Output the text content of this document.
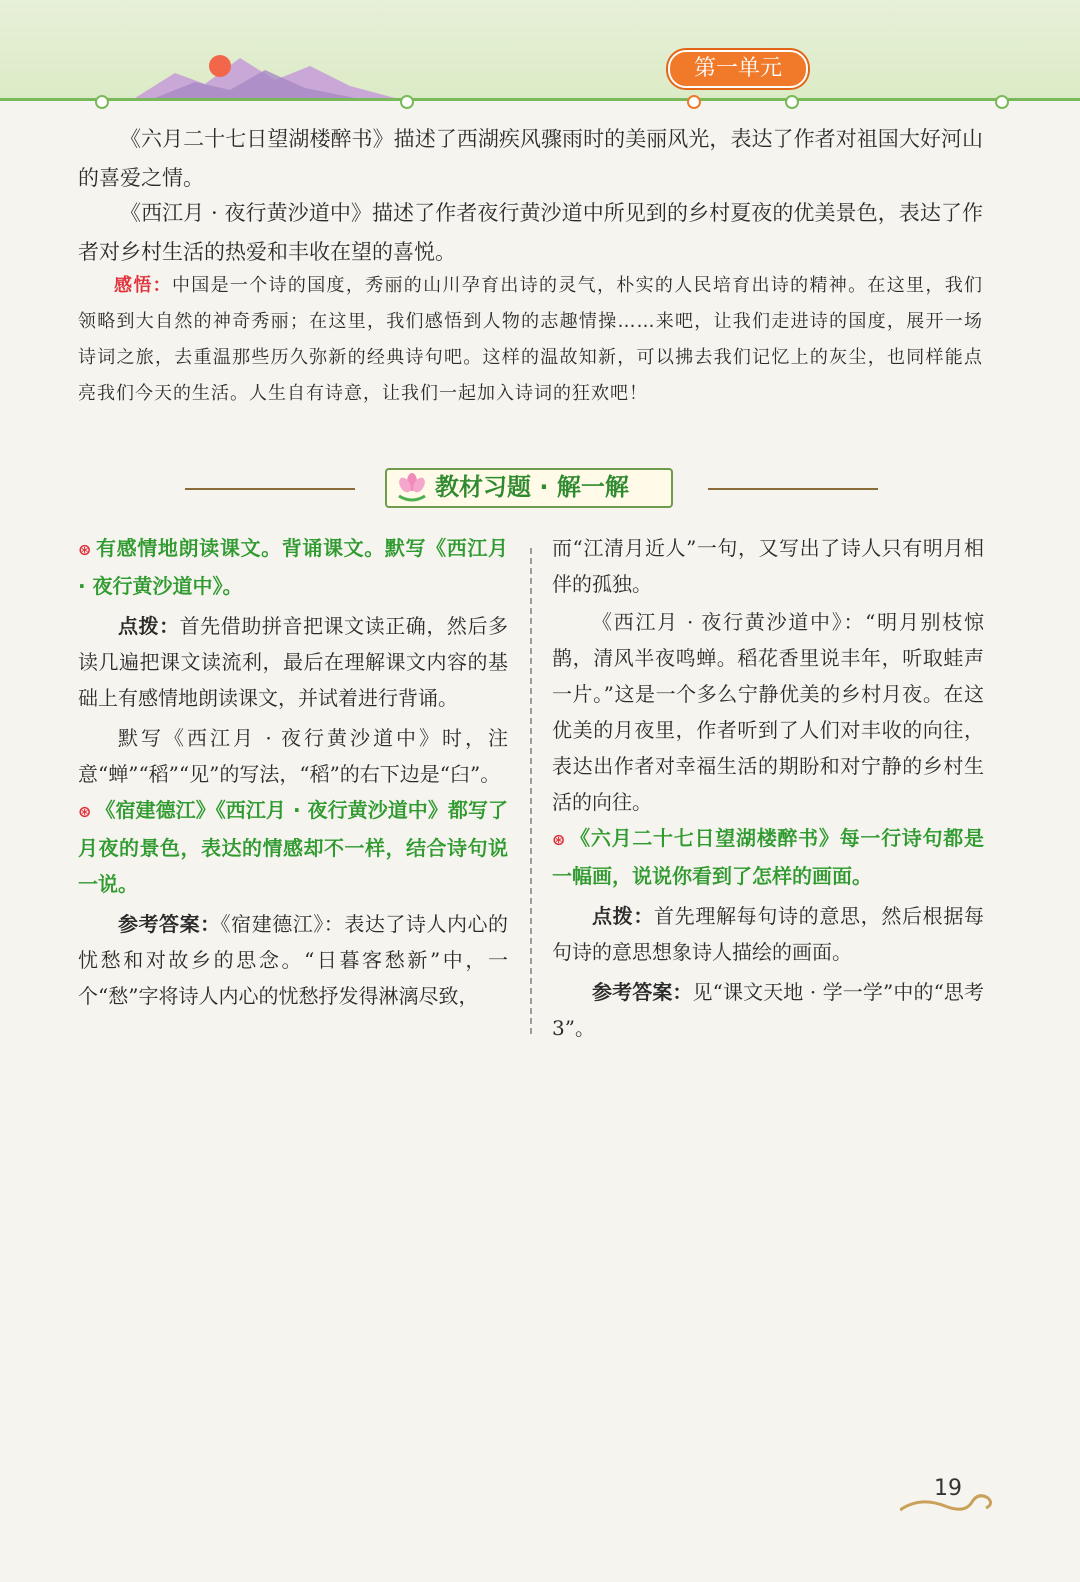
第一单元

《六月二十七日望湖楼醉书》描述了西湖疾风骤雨时的美丽风光，表达了作者对祖国大好河山的喜爱之情。

《西江月 · 夜行黄沙道中》描述了作者夜行黄沙道中所见到的乡村夏夜的优美景色，表达了作者对乡村生活的热爱和丰收在望的喜悦。

感悟：中国是一个诗的国度，秀丽的山川孕育出诗的灵气，朴实的人民培育出诗的精神。在这里，我们领略到大自然的神奇秀丽；在这里，我们感悟到人物的志趣情操……来吧，让我们走进诗的国度，展开一场诗词之旅，去重温那些历久弥新的经典诗句吧。这样的温故知新，可以拂去我们记忆上的灰尘，也同样能点亮我们今天的生活。人生自有诗意，让我们一起加入诗词的狂欢吧！

教材习题 · 解一解

⊛ 有感情地朗读课文。背诵课文。默写《西江月 · 夜行黄沙道中》。

点拨：首先借助拼音把课文读正确，然后多读几遍把课文读流利，最后在理解课文内容的基础上有感情地朗读课文，并试着进行背诵。

默写《西江月 · 夜行黄沙道中》时，注意“蝉”“稻”“见”的写法，“稻”的右下边是“臼”。

⊛ 《宿建德江》《西江月 · 夜行黄沙道中》都写了月夜的景色，表达的情感却不一样，结合诗句说一说。

参考答案：《宿建德江》：表达了诗人内心的忧愁和对故乡的思念。“日暮客愁新”中，一个“愁”字将诗人内心的忧愁抒发得淋漓尽致，

而“江清月近人”一句，又写出了诗人只有明月相伴的孤独。

《西江月 · 夜行黄沙道中》：“明月别枝惊鹊，清风半夜鸣蝉。稻花香里说丰年，听取蛙声一片。”这是一个多么宁静优美的乡村月夜。在这优美的月夜里，作者听到了人们对丰收的向往，表达出作者对幸福生活的期盼和对宁静的乡村生活的向往。

⊛ 《六月二十七日望湖楼醉书》每一行诗句都是一幅画，说说你看到了怎样的画面。

点拨：首先理解每句诗的意思，然后根据每句诗的意思想象诗人描绘的画面。

参考答案：见“课文天地 · 学一学”中的“思考 3”。

19
